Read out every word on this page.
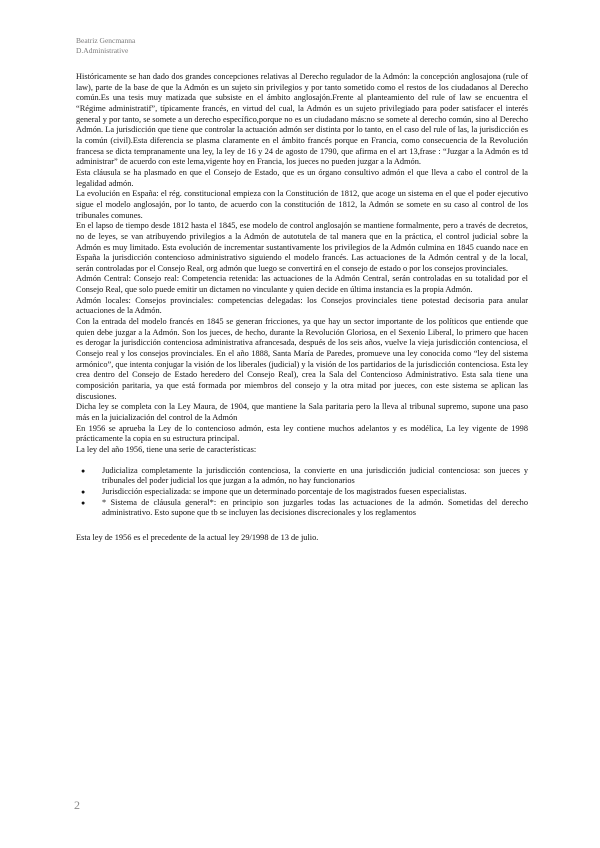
Beatriz Gencmanna
D.Administrative

Históricamente se han dado dos grandes concepciones relativas al Derecho regulador de la Admón: la concepción anglosajona (rule of law), parte de la base de que la Admón es un sujeto sin privilegios y por tanto sometido como el restos de los ciudadanos al Derecho común.Es una tesis muy matizada que subsiste en el ámbito anglosajón.Frente al planteamiento del rule of law se encuentra el “Régime administratif”, típicamente francés, en virtud del cual, la Admón es un sujeto privilegiado para poder satisfacer el interés general y por tanto, se somete a un derecho específico,porque no es un ciudadano más:no se somete al derecho común, sino al Derecho Admón. La jurisdicción que tiene que controlar la actuación admón ser distinta por lo tanto, en el caso del rule of las, la jurisdicción es la común (civil).Esta diferencia se plasma claramente en el ámbito francés porque en Francia, como consecuencia de la Revolución francesa se dicta tempranamente una ley, la ley de 16 y 24 de agosto de 1790, que afirma en el art 13,frase : “Juzgar a la Admón es td administrar” de acuerdo con este lema,vigente hoy en Francia, los jueces no pueden juzgar a la Admón.

Esta cláusula se ha plasmado en que el Consejo de Estado, que es un órgano consultivo admón el que lleva a cabo el control de la legalidad admón.

La evolución en España: el rég. constitucional empieza con la Constitución de 1812, que acoge un sistema en el que el poder ejecutivo sigue el modelo anglosajón, por lo tanto, de acuerdo con la constitución de 1812, la Admón se somete en su caso al control de los tribunales comunes.

En el lapso de tiempo desde 1812 hasta el 1845, ese modelo de control anglosajón se mantiene formalmente, pero a través de decretos, no de leyes, se van atribuyendo privilegios a la Admón de autotutela de tal manera que en la práctica, el control judicial sobre la Admón es muy limitado. Esta evolución de incrementar sustantivamente los privilegios de la Admón culmina en 1845 cuando nace en España la jurisdicción contencioso administrativo siguiendo el modelo francés. Las actuaciones de la Admón central y de la local, serán controladas por el Consejo Real, org admón que luego se convertirá en el consejo de estado o por los consejos provinciales.

Admón Central: Consejo real: Competencia retenida: las actuaciones de la Admón Central, serán controladas en su totalidad por el Consejo Real, que solo puede emitir un dictamen no vinculante y quien decide en última instancia es la propia Admón.

Admón locales: Consejos provinciales: competencias delegadas: los Consejos provinciales tiene potestad decisoria para anular actuaciones de la Admón.

Con la entrada del modelo francés en 1845 se generan fricciones, ya que hay un sector importante de los políticos que entiende que quien debe juzgar a la Admón. Son los jueces, de hecho, durante la Revolución Gloriosa, en el Sexenio Liberal, lo primero que hacen es derogar la jurisdicción contenciosa administrativa afrancesada, después de los seis años, vuelve la vieja jurisdicción contenciosa, el Consejo real y los consejos provinciales. En el año 1888, Santa María de Paredes, promueve una ley conocida como “ley del sistema armónico”, que intenta conjugar la visión de los liberales (judicial) y la visión de los partidarios de la jurisdicción contenciosa. Esta ley crea dentro del Consejo de Estado heredero del Consejo Real), crea la Sala del Contencioso Administrativo. Esta sala tiene una composición paritaria, ya que está formada por miembros del consejo y la otra mitad por jueces, con este sistema se aplican las discusiones.

Dicha ley se completa con la Ley Maura, de 1904, que mantiene la Sala paritaria pero la lleva al tribunal supremo, supone una paso más en la juicialización del control de la Admón

En 1956 se aprueba la Ley de lo contencioso admón, esta ley contiene muchos adelantos y es modélica, La ley vigente de 1998 prácticamente la copia en su estructura principal.

La ley del año 1956, tiene una serie de características:

● Judicializa completamente la jurisdicción contenciosa, la convierte en una jurisdicción judicial contenciosa: son jueces y tribunales del poder judicial los que juzgan a la admón, no hay funcionarios
● Jurisdicción especializada: se impone que un determinado porcentaje de los magistrados fuesen especialistas.
● * Sistema de cláusula general*: en principio son juzgarles todas las actuaciones de la admón. Sometidas del derecho administrativo. Esto supone que tb se incluyen las decisiones discrecionales y los reglamentos

Esta ley de 1956 es el precedente de la actual ley 29/1998 de 13 de julio.

2
